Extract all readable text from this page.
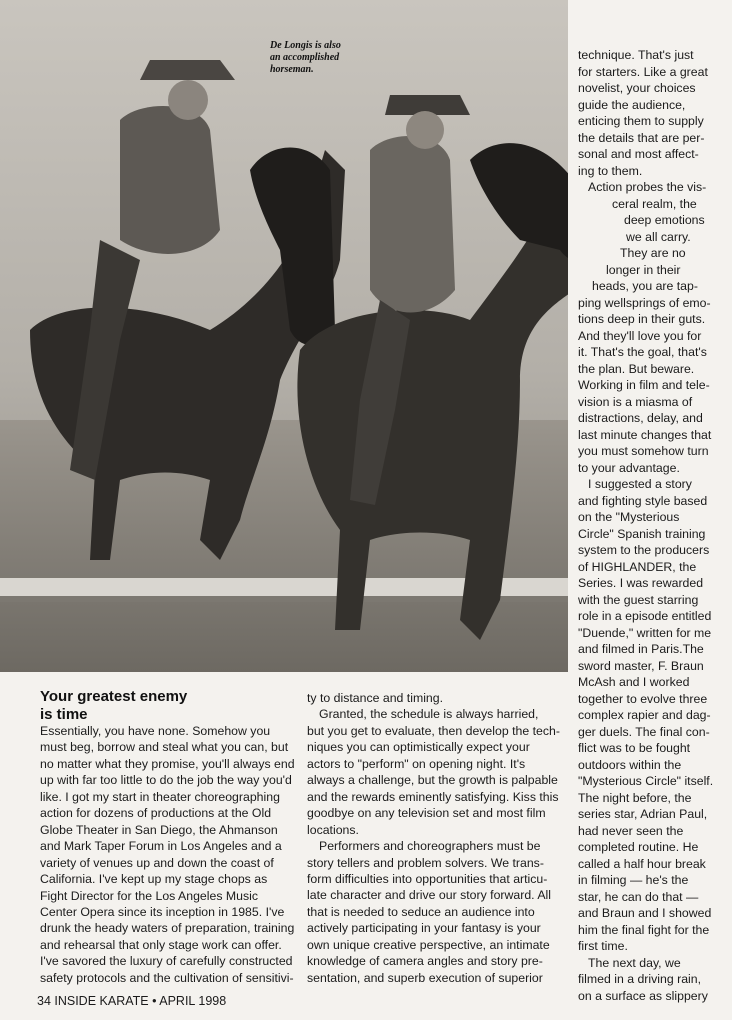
De Longis is also
an accomplished
horseman.
technique. That's just
for starters. Like a great
novelist, your choices
guide the audience,
enticing them to supply
the details that are per-
sonal and most affect-
ing to them.
Action probes the vis-
ceral realm, the
deep emotions
we all carry.
They are no
longer in their
heads, you are tap-
ping wellsprings of emo-
tions deep in their guts.
And they'll love you for
it. That's the goal, that's
the plan. But beware.
Working in film and tele-
vision is a miasma of
distractions, delay, and
last minute changes that
you must somehow turn
to your advantage.
I suggested a story
and fighting style based
on the "Mysterious
Circle" Spanish training
system to the producers
of HIGHLANDER, the
Series. I was rewarded
with the guest starring
role in a episode entitled
"Duende," written for me
and filmed in Paris.The
sword master, F. Braun
McAsh and I worked
together to evolve three
complex rapier and dag-
ger duels. The final con-
flict was to be fought
outdoors within the
"Mysterious Circle" itself.
The night before, the
series star, Adrian Paul,
had never seen the
completed routine. He
called a half hour break
in filming — he's the
star, he can do that —
and Braun and I showed
him the final fight for the
first time.
The next day, we
filmed in a driving rain,
on a surface as slippery
Your greatest enemy
is time
Essentially, you have none. Somehow you
must beg, borrow and steal what you can, but
no matter what they promise, you'll always end
up with far too little to do the job the way you'd
like. I got my start in theater choreographing
action for dozens of productions at the Old
Globe Theater in San Diego, the Ahmanson
and Mark Taper Forum in Los Angeles and a
variety of venues up and down the coast of
California. I've kept up my stage chops as
Fight Director for the Los Angeles Music
Center Opera since its inception in 1985. I've
drunk the heady waters of preparation, training
and rehearsal that only stage work can offer.
I've savored the luxury of carefully constructed
safety protocols and the cultivation of sensitivi-
ty to distance and timing.
Granted, the schedule is always harried,
but you get to evaluate, then develop the tech-
niques you can optimistically expect your
actors to "perform" on opening night. It's
always a challenge, but the growth is palpable
and the rewards eminently satisfying. Kiss this
goodbye on any television set and most film
locations.
Performers and choreographers must be
story tellers and problem solvers. We trans-
form difficulties into opportunities that articu-
late character and drive our story forward. All
that is needed to seduce an audience into
actively participating in your fantasy is your
own unique creative perspective, an intimate
knowledge of camera angles and story pre-
sentation, and superb execution of superior
34 INSIDE KARATE • APRIL 1998
